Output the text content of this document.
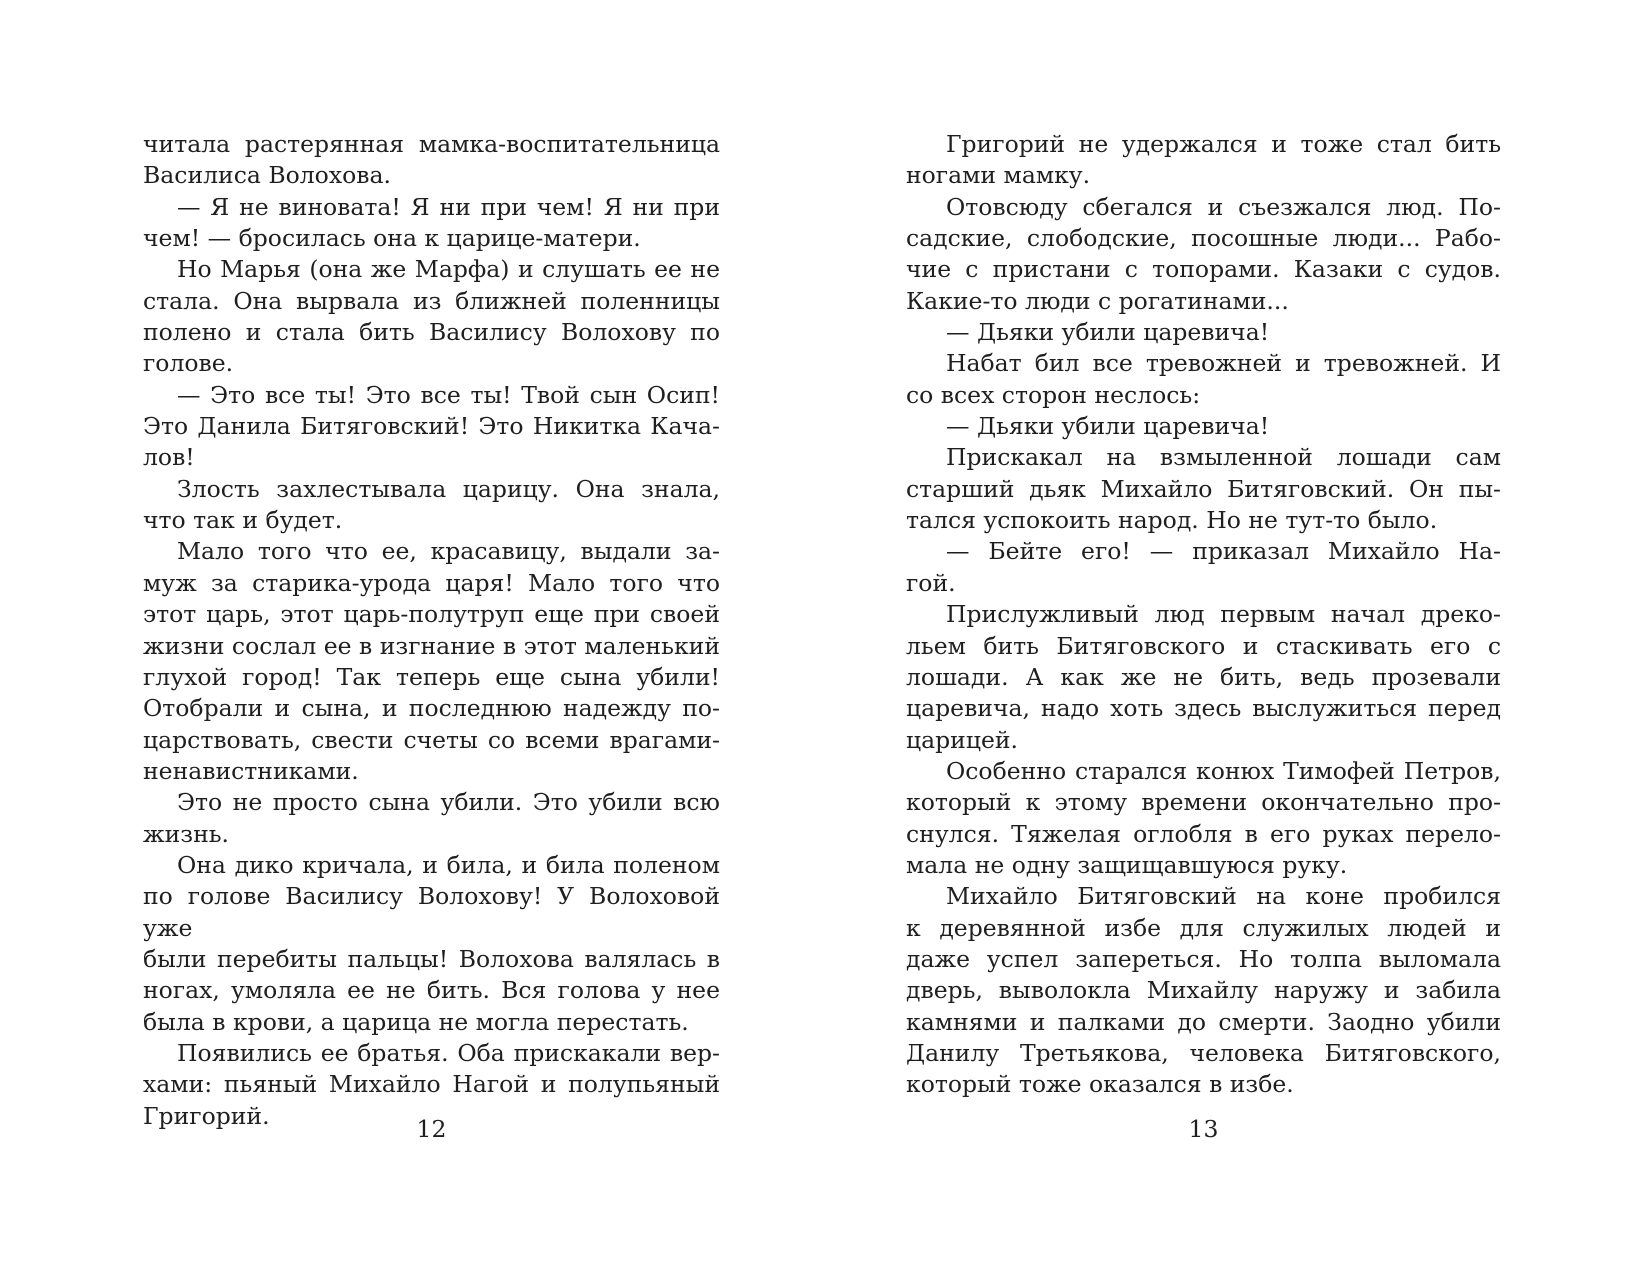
читала растерянная мамка-воспитательница
Василиса Волохова.
— Я не виновата! Я ни при чем! Я ни при
чем! — бросилась она к царице-матери.
Но Марья (она же Марфа) и слушать ее не
стала. Она вырвала из ближней поленницы
полено и стала бить Василису Волохову по
голове.
— Это все ты! Это все ты! Твой сын Осип!
Это Данила Битяговский! Это Никитка Кача-
лов!
Злость захлестывала царицу. Она знала,
что так и будет.
Мало того что ее, красавицу, выдали за-
муж за старика-урода царя! Мало того что
этот царь, этот царь-полутруп еще при своей
жизни сослал ее в изгнание в этот маленький
глухой город! Так теперь еще сына убили!
Отобрали и сына, и последнюю надежду по-
царствовать, свести счеты со всеми врагами-
ненавистниками.
Это не просто сына убили. Это убили всю
жизнь.
Она дико кричала, и била, и била поленом
по голове Василису Волохову! У Волоховой уже
были перебиты пальцы! Волохова валялась в
ногах, умоляла ее не бить. Вся голова у нее
была в крови, а царица не могла перестать.
Появились ее братья. Оба прискакали вер-
хами: пьяный Михайло Нагой и полупьяный
Григорий.
Григорий не удержался и тоже стал бить
ногами мамку.
Отовсюду сбегался и съезжался люд. По-
садские, слободские, посошные люди... Рабо-
чие с пристани с топорами. Казаки с судов.
Какие-то люди с рогатинами...
— Дьяки убили царевича!
Набат бил все тревожней и тревожней. И
со всех сторон неслось:
— Дьяки убили царевича!
Прискакал на взмыленной лошади сам
старший дьяк Михайло Битяговский. Он пы-
тался успокоить народ. Но не тут-то было.
— Бейте его! — приказал Михайло На-
гой.
Прислужливый люд первым начал дреко-
льем бить Битяговского и стаскивать его с
лошади. А как же не бить, ведь прозевали
царевича, надо хоть здесь выслужиться перед
царицей.
Особенно старался конюх Тимофей Петров,
который к этому времени окончательно про-
снулся. Тяжелая оглобля в его руках перело-
мала не одну защищавшуюся руку.
Михайло Битяговский на коне пробился
к деревянной избе для служилых людей и
даже успел запереться. Но толпа выломала
дверь, выволокла Михайлу наружу и забила
камнями и палками до смерти. Заодно убили
Данилу Третьякова, человека Битяговского,
который тоже оказался в избе.
12	13
